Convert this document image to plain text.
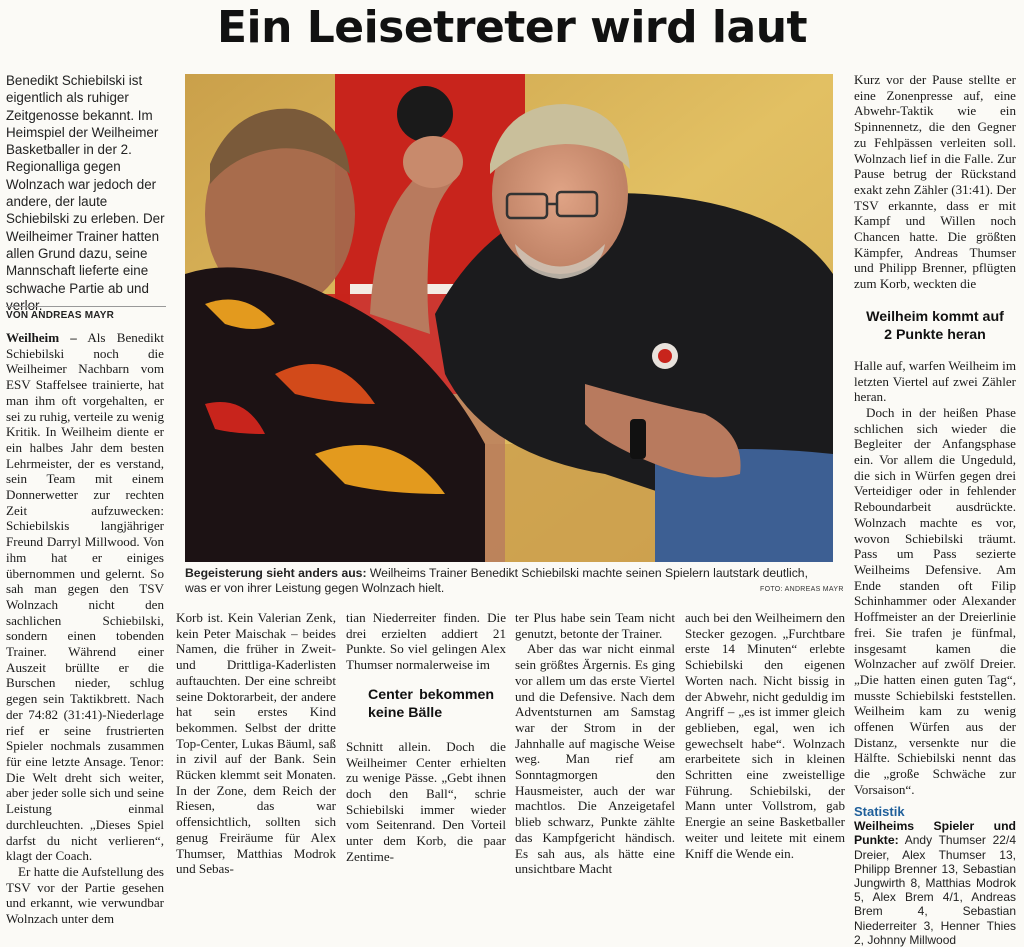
Ein Leisetreter wird laut
Benedikt Schiebilski ist eigentlich als ruhiger Zeitgenosse bekannt. Im Heimspiel der Weilheimer Basketballer in der 2. Regionalliga gegen Wolnzach war jedoch der andere, der laute Schiebilski zu erleben. Der Weilheimer Trainer hatten allen Grund dazu, seine Mannschaft lieferte eine schwache Partie ab und verlor.
VON ANDREAS MAYR

Weilheim – Als Benedikt Schiebilski noch die Weilheimer Nachbarn vom ESV Staffelsee trainierte, hat man ihm oft vorgehalten, er sei zu ruhig, verteile zu wenig Kritik. In Weilheim diente er ein halbes Jahr dem besten Lehrmeister, der es verstand, sein Team mit einem Donnerwetter zur rechten Zeit aufzuwecken: Schiebilskis langjähriger Freund Darryl Millwood. Von ihm hat er einiges übernommen und gelernt. So sah man gegen den TSV Wolnzach nicht den sachlichen Schiebilski, sondern einen tobenden Trainer. Während einer Auszeit brüllte er die Burschen nieder, schlug gegen sein Taktikbrett. Nach der 74:82 (31:41)-Niederlage rief er seine frustrierten Spieler nochmals zusammen für eine letzte Ansage. Tenor: Die Welt dreht sich weiter, aber jeder solle sich und seine Leistung einmal durchleuchten. „Dieses Spiel darfst du nicht verlieren“, klagt der Coach.

Er hatte die Aufstellung des TSV vor der Partie gesehen und erkannt, wie verwundbar Wolnzach unter dem

Begeisterung sieht anders aus: Weilheims Trainer Benedikt Schiebilski machte seinen Spielern lautstark deutlich, was er von ihrer Leistung gegen Wolnzach hielt.	FOTO: ANDREAS MAYR

Korb ist. Kein Valerian Zenk, kein Peter Maischak – beides Namen, die früher in Zweit- und Drittliga-Kaderlisten auftauchten. Der eine schreibt seine Doktorarbeit, der andere hat sein erstes Kind bekommen. Selbst der dritte Top-Center, Lukas Bäuml, saß in zivil auf der Bank. Sein Rücken klemmt seit Monaten. In der Zone, dem Reich der Riesen, das war offensichtlich, sollten sich genug Freiräume für Alex Thumser, Matthias Modrok und Sebas-

tian Niederreiter finden. Die drei erzielten addiert 21 Punkte. So viel gelingen Alex Thumser normalerweise im

Center bekommen keine Bälle

Schnitt allein. Doch die Weilheimer Center erhielten zu wenige Pässe. „Gebt ihnen doch den Ball“, schrie Schiebilski immer wieder vom Seitenrand. Den Vorteil unter dem Korb, die paar Zentime-

ter Plus habe sein Team nicht genutzt, betonte der Trainer.

Aber das war nicht einmal sein größtes Ärgernis. Es ging vor allem um das erste Viertel und die Defensive. Nach dem Adventsturnen am Samstag war der Strom in der Jahnhalle auf magische Weise weg. Man rief am Sonntagmorgen den Hausmeister, auch der war machtlos. Die Anzeigetafel blieb schwarz, Punkte zählte das Kampfgericht händisch. Es sah aus, als hätte eine unsichtbare Macht

auch bei den Weilheimern den Stecker gezogen. „Furchtbare erste 14 Minuten“ erlebte Schiebilski den eigenen Worten nach. Nicht bissig in der Abwehr, nicht geduldig im Angriff – „es ist immer gleich geblieben, egal, wen ich gewechselt habe“. Wolnzach erarbeitete sich in kleinen Schritten eine zweistellige Führung. Schiebilski, der Mann unter Vollstrom, gab Energie an seine Basketballer weiter und leitete mit einem Kniff die Wende ein.

Kurz vor der Pause stellte er eine Zonenpresse auf, eine Abwehr-Taktik wie ein Spinnennetz, die den Gegner zu Fehlpässen verleiten soll. Wolnzach lief in die Falle. Zur Pause betrug der Rückstand exakt zehn Zähler (31:41). Der TSV erkannte, dass er mit Kampf und Willen noch Chancen hatte. Die größten Kämpfer, Andreas Thumser und Philipp Brenner, pflügten zum Korb, weckten die

Weilheim kommt auf 2 Punkte heran

Halle auf, warfen Weilheim im letzten Viertel auf zwei Zähler heran.

Doch in der heißen Phase schlichen sich wieder die Begleiter der Anfangsphase ein. Vor allem die Ungeduld, die sich in Würfen gegen drei Verteidiger oder in fehlender Reboundarbeit ausdrückte. Wolnzach machte es vor, wovon Schiebilski träumt. Pass um Pass sezierte Weilheims Defensive. Am Ende standen oft Filip Schinhammer oder Alexander Hoffmeister an der Dreierlinie frei. Sie trafen je fünfmal, insgesamt kamen die Wolnzacher auf zwölf Dreier. „Die hatten einen guten Tag“, musste Schiebilski feststellen. Weilheim kam zu wenig offenen Würfen aus der Distanz, versenkte nur die Hälfte. Schiebilski nennt das die „große Schwäche zur Vorsaison“.

Statistik
Weilheims Spieler und Punkte: Andy Thumser 22/4 Dreier, Alex Thumser 13, Philipp Brenner 13, Sebastian Jungwirth 8, Matthias Modrok 5, Alex Brem 4/1, Andreas Brem 4, Sebastian Niederreiter 3, Henner Thies 2, Johnny Millwood
